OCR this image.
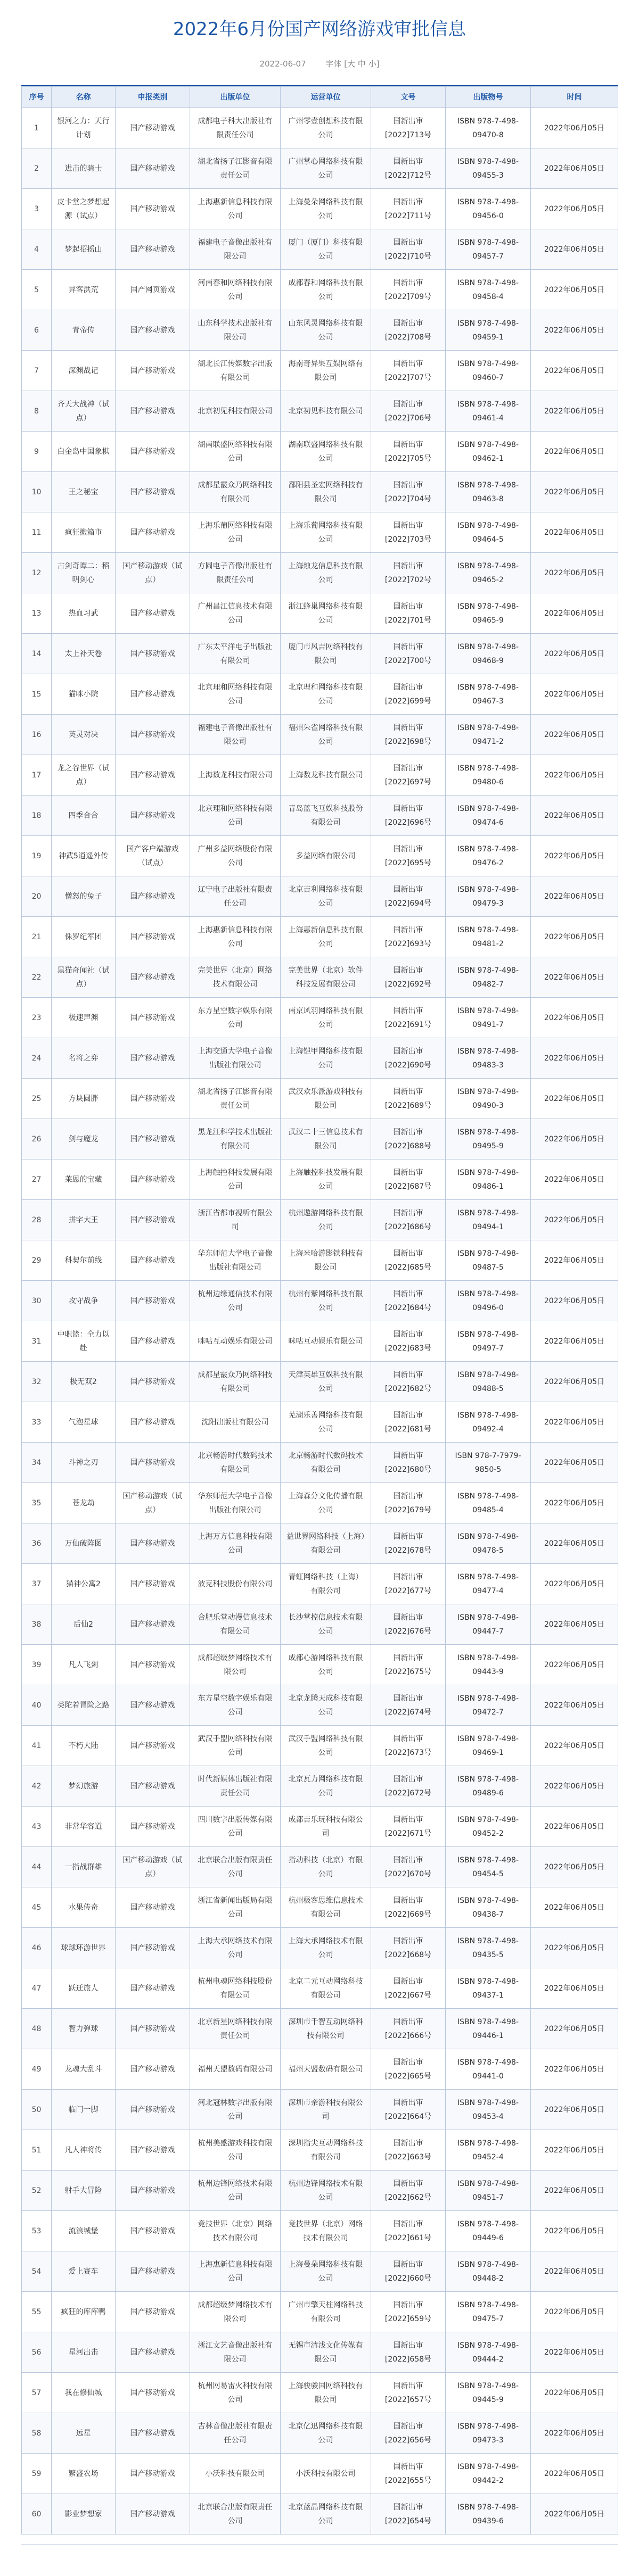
2022年6月份国产网络游戏审批信息
2022-06-07 字体 [大 中 小]
序号	名称	申报类别	出版单位	运营单位	文号	出版物号	时间
1	银河之力：天行计划	国产移动游戏	成都电子科大出版社有限责任公司	广州零壹创想科技有限公司	国新出审[2022]713号	ISBN 978-7-498-09470-8	2022年06月05日
2	进击的骑士	国产移动游戏	湖北省扬子江影音有限责任公司	广州掌心网络科技有限公司	国新出审[2022]712号	ISBN 978-7-498-09455-3	2022年06月05日
3	皮卡堂之梦想起源（试点）	国产移动游戏	上海惠新信息科技有限公司	上海曼朵网络科技有限公司	国新出审[2022]711号	ISBN 978-7-498-09456-0	2022年06月05日
4	梦起招摇山	国产移动游戏	福建电子音像出版社有限公司	厦门（厦门）科技有限公司	国新出审[2022]710号	ISBN 978-7-498-09457-7	2022年06月05日
5	异客洪荒	国产网页游戏	河南春和网络科技有限公司	成都春和网络科技有限公司	国新出审[2022]709号	ISBN 978-7-498-09458-4	2022年06月05日
6	青帝传	国产移动游戏	山东科学技术出版社有限公司	山东风灵网络科技有限公司	国新出审[2022]708号	ISBN 978-7-498-09459-1	2022年06月05日
7	深渊战记	国产移动游戏	湖北长江传媒数字出版有限公司	海南奇异果互娱网络有限公司	国新出审[2022]707号	ISBN 978-7-498-09460-7	2022年06月05日
8	齐天大战神（试点）	国产移动游戏	北京初见科技有限公司	北京初见科技有限公司	国新出审[2022]706号	ISBN 978-7-498-09461-4	2022年06月05日
9	白金岛中国象棋	国产移动游戏	湖南联盛网络科技有限公司	湖南联盛网络科技有限公司	国新出审[2022]705号	ISBN 978-7-498-09462-1	2022年06月05日
10	王之秘宝	国产移动游戏	成都星霰众乃网络科技有限公司	鄱阳县圣宏网络科技有限公司	国新出审[2022]704号	ISBN 978-7-498-09463-8	2022年06月05日
11	疯狂搬箱市	国产移动游戏	上海乐葡网络科技有限公司	上海乐葡网络科技有限公司	国新出审[2022]703号	ISBN 978-7-498-09464-5	2022年06月05日
12	古剑奇谭二：稻明剑心	国产移动游戏（试点）	方圆电子音像出版社有限责任公司	上海烛龙信息科技有限公司	国新出审[2022]702号	ISBN 978-7-498-09465-2	2022年06月05日
13	热血习武	国产移动游戏	广州昌江信息技术有限公司	浙江蜂巢网络科技有限公司	国新出审[2022]701号	ISBN 978-7-498-09465-9	2022年06月05日
14	太上补天卷	国产移动游戏	广东太平洋电子出版社有限公司	厦门市风吉网络科技有限公司	国新出审[2022]700号	ISBN 978-7-498-09468-9	2022年06月05日
15	猫咪小院	国产移动游戏	北京理和网络科技有限公司	北京理和网络科技有限公司	国新出审[2022]699号	ISBN 978-7-498-09467-3	2022年06月05日
16	英灵对决	国产移动游戏	福建电子音像出版社有限公司	福州朱雀网络科技有限公司	国新出审[2022]698号	ISBN 978-7-498-09471-2	2022年06月05日
17	龙之谷世界（试点）	国产移动游戏	上海数龙科技有限公司	上海数龙科技有限公司	国新出审[2022]697号	ISBN 978-7-498-09480-6	2022年06月05日
18	四季合合	国产移动游戏	北京理和网络科技有限公司	青岛蓝飞互娱科技股份有限公司	国新出审[2022]696号	ISBN 978-7-498-09474-6	2022年06月05日
19	神武5逍遥外传	国产客户端游戏（试点）	广州多益网络股份有限公司	多益网络有限公司	国新出审[2022]695号	ISBN 978-7-498-09476-2	2022年06月05日
20	憎怒的兔子	国产移动游戏	辽宁电子出版社有限责任公司	北京吉利网络科技有限公司	国新出审[2022]694号	ISBN 978-7-498-09479-3	2022年06月05日
21	侏罗纪军团	国产移动游戏	上海惠新信息科技有限公司	上海惠新信息科技有限公司	国新出审[2022]693号	ISBN 978-7-498-09481-2	2022年06月05日
22	黑猫奇闻社（试点）	国产移动游戏	完美世界（北京）网络技术有限公司	完美世界（北京）软件科技发展有限公司	国新出审[2022]692号	ISBN 978-7-498-09482-7	2022年06月05日
23	极速声渊	国产移动游戏	东方星空数字娱乐有限公司	南京风羽网络科技有限公司	国新出审[2022]691号	ISBN 978-7-498-09491-7	2022年06月05日
24	名将之弈	国产移动游戏	上海交通大学电子音像出版社有限公司	上海铠甲网络科技有限公司	国新出审[2022]690号	ISBN 978-7-498-09483-3	2022年06月05日
25	方块圆胖	国产移动游戏	湖北省扬子江影音有限责任公司	武汉欢乐派游戏科技有限公司	国新出审[2022]689号	ISBN 978-7-498-09490-3	2022年06月05日
26	剑与魔龙	国产移动游戏	黑龙江科学技术出版社有限公司	武汉二十三信息技术有限公司	国新出审[2022]688号	ISBN 978-7-498-09495-9	2022年06月05日
27	莱恩的宝藏	国产移动游戏	上海触控科技发展有限公司	上海触控科技发展有限公司	国新出审[2022]687号	ISBN 978-7-498-09486-1	2022年06月05日
28	拼字大王	国产移动游戏	浙江省都市视听有限公司	杭州遨游网络科技有限公司	国新出审[2022]686号	ISBN 978-7-498-09494-1	2022年06月05日
29	科契尔前线	国产移动游戏	华东师范大学电子音像出版社有限公司	上海米哈游影铁科技有限公司	国新出审[2022]685号	ISBN 978-7-498-09487-5	2022年06月05日
30	攻守战争	国产移动游戏	杭州边缘通信技术有限公司	杭州有紫网络科技有限公司	国新出审[2022]684号	ISBN 978-7-498-09496-0	2022年06月05日
31	中职篮：全力以赴	国产移动游戏	咪咕互动娱乐有限公司	咪咕互动娱乐有限公司	国新出审[2022]683号	ISBN 978-7-498-09497-7	2022年06月05日
32	极无双2	国产移动游戏	成都星霰众乃网络科技有限公司	天津英雄互娱科技有限公司	国新出审[2022]682号	ISBN 978-7-498-09488-5	2022年06月05日
33	气泡星球	国产移动游戏	沈阳出版社有限公司	芜湖乐善网络科技有限公司	国新出审[2022]681号	ISBN 978-7-498-09492-4	2022年06月05日
34	斗神之刃	国产移动游戏	北京畅游时代数码技术有限公司	北京畅游时代数码技术有限公司	国新出审[2022]680号	ISBN 978-7-7979-9850-5	2022年06月05日
35	苍龙劫	国产移动游戏（试点）	华东师范大学电子音像出版社有限公司	上海森分文化传播有限公司	国新出审[2022]679号	ISBN 978-7-498-09485-4	2022年06月05日
36	万仙破阵图	国产移动游戏	上海万方信息科技有限公司	益世界网络科技（上海）有限公司	国新出审[2022]678号	ISBN 978-7-498-09478-5	2022年06月05日
37	猫神公寓2	国产移动游戏	波克科技股份有限公司	青虹网络科技（上海）有限公司	国新出审[2022]677号	ISBN 978-7-498-09477-4	2022年06月05日
38	后仙2	国产移动游戏	合肥乐堂动漫信息技术有限公司	长沙掌控信息技术有限公司	国新出审[2022]676号	ISBN 978-7-498-09447-7	2022年06月05日
39	凡人飞剑	国产移动游戏	成都超级梦网络技术有限公司	成都心游网络科技有限公司	国新出审[2022]675号	ISBN 978-7-498-09443-9	2022年06月05日
40	类陀着冒险之路	国产移动游戏	东方星空数字娱乐有限公司	北京龙腾天成科技有限公司	国新出审[2022]674号	ISBN 978-7-498-09472-7	2022年06月05日
41	不朽大陆	国产移动游戏	武汉手盟网络科技有限公司	武汉手盟网络科技有限公司	国新出审[2022]673号	ISBN 978-7-498-09469-1	2022年06月05日
42	梦幻旅游	国产移动游戏	时代新媒体出版社有限责任公司	北京瓦力网络科技有限公司	国新出审[2022]672号	ISBN 978-7-498-09489-6	2022年06月05日
43	非常华容道	国产移动游戏	四川数字出版传媒有限公司	成都吉乐玩科技有限公司	国新出审[2022]671号	ISBN 978-7-498-09452-2	2022年06月05日
44	一指战群雄	国产移动游戏（试点）	北京联合出版有限责任公司	指动科技（北京）有限公司	国新出审[2022]670号	ISBN 978-7-498-09454-5	2022年06月05日
45	水果传奇	国产移动游戏	浙江省新闻出版局有限公司	杭州极客思维信息技术有限公司	国新出审[2022]669号	ISBN 978-7-498-09438-7	2022年06月05日
46	球球环游世界	国产移动游戏	上海大承网络技术有限公司	上海大承网络技术有限公司	国新出审[2022]668号	ISBN 978-7-498-09435-5	2022年06月05日
47	跃迁旅人	国产移动游戏	杭州电魂网络科技股份有限公司	北京二元互动网络科技有限公司	国新出审[2022]667号	ISBN 978-7-498-09437-1	2022年06月05日
48	智力弹球	国产移动游戏	北京新星网络科技有限责任公司	深圳市千智互动网络科技有限公司	国新出审[2022]666号	ISBN 978-7-498-09446-1	2022年06月05日
49	龙魂大乱斗	国产移动游戏	福州天盟数码有限公司	福州天盟数码有限公司	国新出审[2022]665号	ISBN 978-7-498-09441-0	2022年06月05日
50	临门一脚	国产移动游戏	河北冠林数字出版有限公司	深圳市亲游科技有限公司	国新出审[2022]664号	ISBN 978-7-498-09453-4	2022年06月05日
51	凡人神将传	国产移动游戏	杭州美盛游戏科技有限公司	深圳指尖互动网络科技有限公司	国新出审[2022]663号	ISBN 978-7-498-09452-4	2022年06月05日
52	射手大冒险	国产移动游戏	杭州边锋网络技术有限公司	杭州边锋网络技术有限公司	国新出审[2022]662号	ISBN 978-7-498-09451-7	2022年06月05日
53	流浪城堡	国产移动游戏	竞技世界（北京）网络技术有限公司	竞技世界（北京）网络技术有限公司	国新出审[2022]661号	ISBN 978-7-498-09449-6	2022年06月05日
54	爱上赛车	国产移动游戏	上海惠新信息科技有限公司	上海曼朵网络科技有限公司	国新出审[2022]660号	ISBN 978-7-498-09448-2	2022年06月05日
55	疯狂的库库鸭	国产移动游戏	成都超级梦网络技术有限公司	广州市擎天柱网络科技有限公司	国新出审[2022]659号	ISBN 978-7-498-09475-7	2022年06月05日
56	星河出击	国产移动游戏	浙江文艺音像出版社有限公司	无锡市清浅文化传媒有限公司	国新出审[2022]658号	ISBN 978-7-498-09444-2	2022年06月05日
57	我在修仙城	国产移动游戏	杭州网易雷火科技有限公司	上海骏骏国网络科技有限公司	国新出审[2022]657号	ISBN 978-7-498-09445-9	2022年06月05日
58	远星	国产移动游戏	吉林音像出版社有限责任公司	北京亿迅网络科技有限公司	国新出审[2022]656号	ISBN 978-7-498-09473-3	2022年06月05日
59	繁盛农场	国产移动游戏	小沃科技有限公司	小沃科技有限公司	国新出审[2022]655号	ISBN 978-7-498-09442-2	2022年06月05日
60	影业梦想家	国产移动游戏	北京联合出版有限责任公司	北京蓝晶网络科技有限公司	国新出审[2022]654号	ISBN 978-7-498-09439-6	2022年06月05日
